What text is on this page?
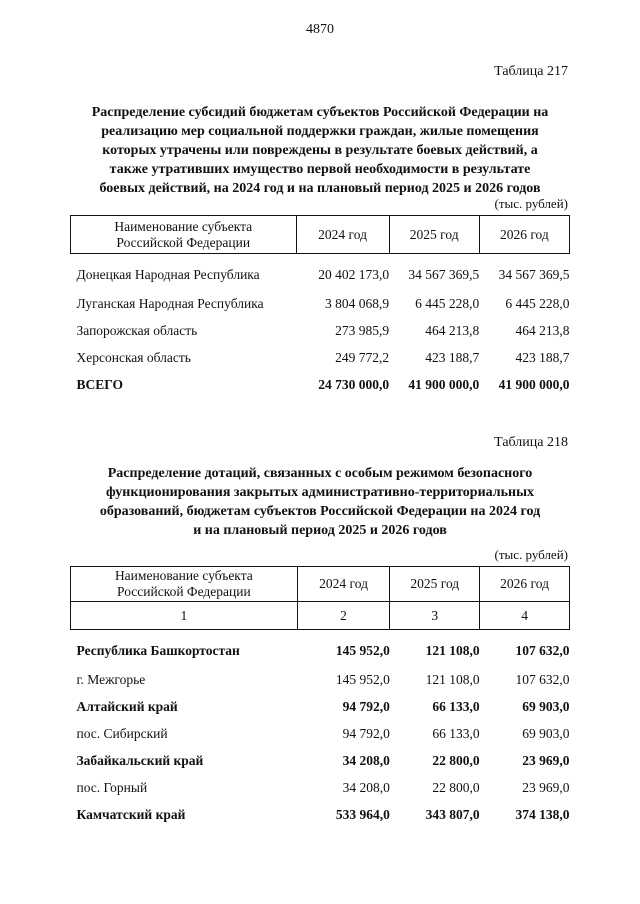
4870
Таблица 217
Распределение субсидий бюджетам субъектов Российской Федерации на
реализацию мер социальной поддержки граждан, жилые помещения
которых утрачены или повреждены в результате боевых действий, а
также утративших имущество первой необходимости в результате
боевых действий, на 2024 год и на плановый период 2025 и 2026 годов
(тыс. рублей)
Наименование субъекта
Российской Федерации	2024 год	2025 год	2026 год
Донецкая Народная Республика	20 402 173,0	34 567 369,5	34 567 369,5
Луганская Народная Республика	3 804 068,9	6 445 228,0	6 445 228,0
Запорожская область	273 985,9	464 213,8	464 213,8
Херсонская область	249 772,2	423 188,7	423 188,7
ВСЕГО	24 730 000,0	41 900 000,0	41 900 000,0
Таблица 218
Распределение дотаций, связанных с особым режимом безопасного
функционирования закрытых административно-территориальных
образований, бюджетам субъектов Российской Федерации на 2024 год
и на плановый период 2025 и 2026 годов
(тыс. рублей)
Наименование субъекта
Российской Федерации	2024 год	2025 год	2026 год
1	2	3	4
Республика Башкортостан	145 952,0	121 108,0	107 632,0
г. Межгорье	145 952,0	121 108,0	107 632,0
Алтайский край	94 792,0	66 133,0	69 903,0
пос. Сибирский	94 792,0	66 133,0	69 903,0
Забайкальский край	34 208,0	22 800,0	23 969,0
пос. Горный	34 208,0	22 800,0	23 969,0
Камчатский край	533 964,0	343 807,0	374 138,0
